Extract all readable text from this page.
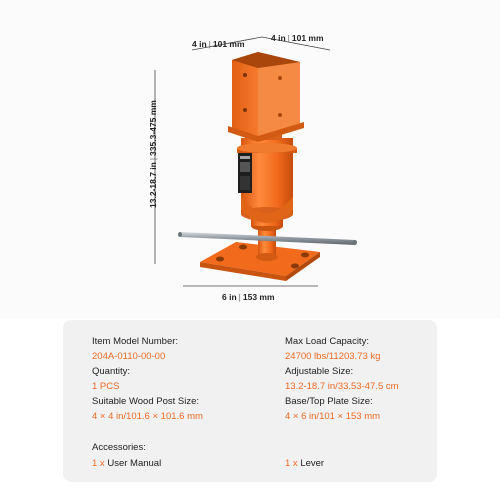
4 in | 101 mm
4 in | 101 mm
13.2-18.7 in|335.3-475 mm
6 in | 153 mm
Item Model Number:
204A-0110-00-00
Quantity:
1 PCS
Suitable Wood Post Size:
4 × 4 in/101.6 × 101.6 mm
Max Load Capacity:
24700 lbs/11203.73 kg
Adjustable Size:
13.2-18.7 in/33.53-47.5 cm
Base/Top Plate Size:
4 × 6 in/101 × 153 mm
Accessories:
1 x User Manual	1 x Lever
